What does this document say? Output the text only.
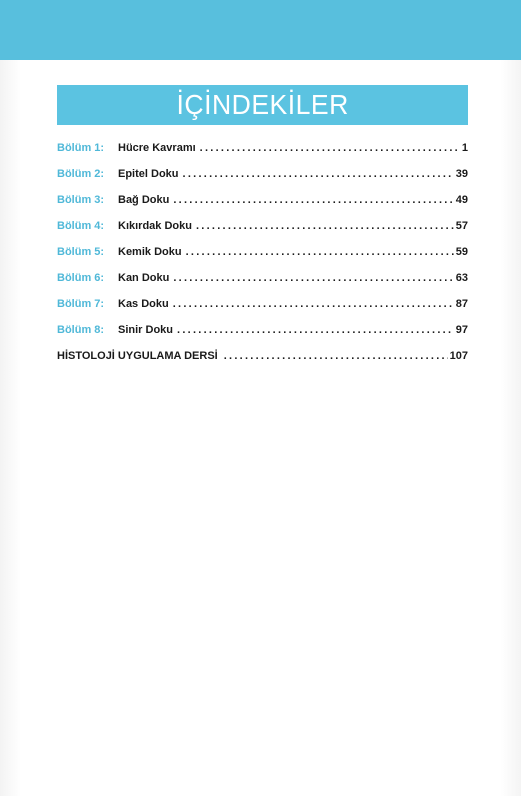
İÇİNDEKİLER
Bölüm 1:	Hücre Kavramı . . .	1
Bölüm 2:	Epitel Doku . . .	39
Bölüm 3:	Bağ Doku . . .	49
Bölüm 4:	Kıkırdak Doku . . .	57
Bölüm 5:	Kemik Doku . . .	59
Bölüm 6:	Kan Doku . . .	63
Bölüm 7:	Kas Doku . . .	87
Bölüm 8:	Sinir Doku . . .	97
HİSTOLOJİ UYGULAMA DERSİ . . .	107
